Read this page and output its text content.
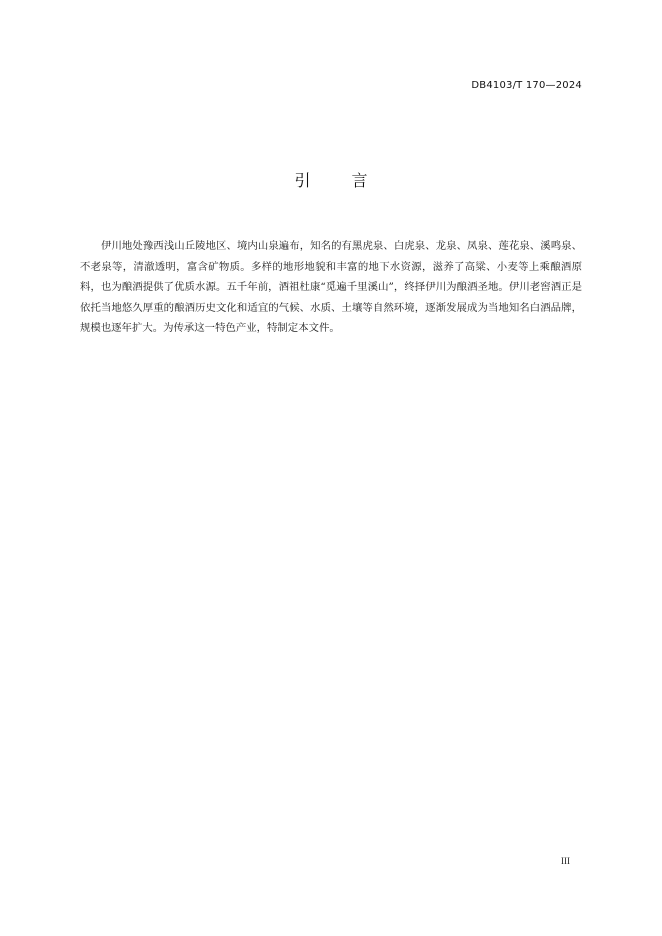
DB4103/T 170—2024
引 言

伊川地处豫西浅山丘陵地区、境内山泉遍布，知名的有黑虎泉、白虎泉、龙泉、凤泉、莲花泉、溪鸣泉、不老泉等，清澈透明，富含矿物质。多样的地形地貌和丰富的地下水资源，滋养了高粱、小麦等上乘酿酒原料，也为酿酒提供了优质水源。五千年前，酒祖杜康“觅遍千里溪山”，终择伊川为酿酒圣地。伊川老窖酒正是依托当地悠久厚重的酿酒历史文化和适宜的气候、水质、土壤等自然环境，逐渐发展成为当地知名白酒品牌，规模也逐年扩大。为传承这一特色产业，特制定本文件。

III
